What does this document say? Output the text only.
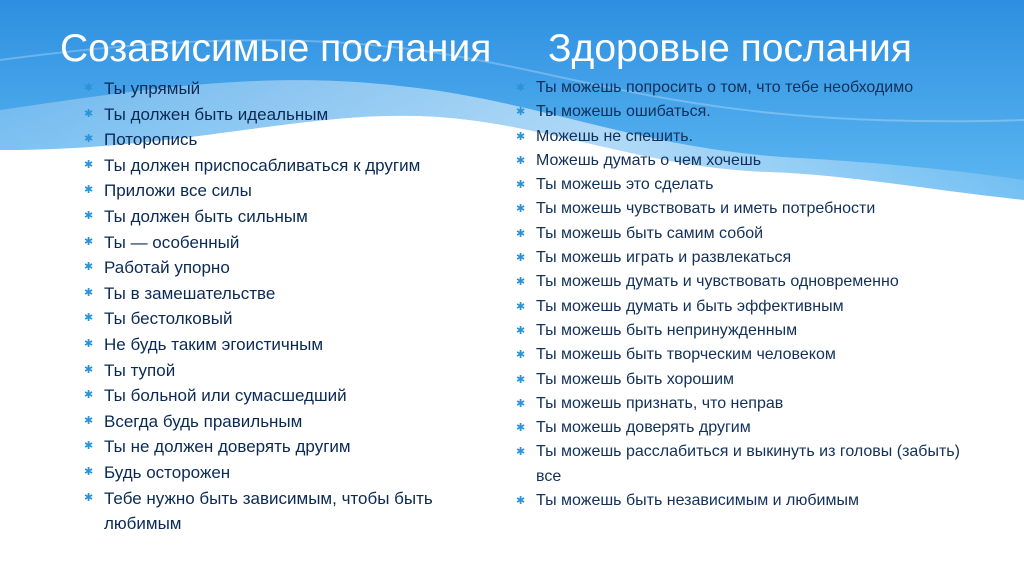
Созависимые послания Здоровые послания
✱ Ты упрямый
✱ Ты должен быть идеальным
✱ Поторопись
✱ Ты должен приспосабливаться к другим
✱ Приложи все силы
✱ Ты должен быть сильным
✱ Ты — особенный
✱ Работай упорно
✱ Ты в замешательстве
✱ Ты бестолковый
✱ Не будь таким эгоистичным
✱ Ты тупой
✱ Ты больной или сумасшедший
✱ Всегда будь правильным
✱ Ты не должен доверять другим
✱ Будь осторожен
✱ Тебе нужно быть зависимым, чтобы быть любимым
✱ Ты можешь попросить о том, что тебе необходимо
✱ Ты можешь ошибаться.
✱ Можешь не спешить.
✱ Можешь думать о чем хочешь
✱ Ты можешь это сделать
✱ Ты можешь чувствовать и иметь потребности
✱ Ты можешь быть самим собой
✱ Ты можешь играть и развлекаться
✱ Ты можешь думать и чувствовать одновременно
✱ Ты можешь думать и быть эффективным
✱ Ты можешь быть непринужденным
✱ Ты можешь быть творческим человеком
✱ Ты можешь быть хорошим
✱ Ты можешь признать, что неправ
✱ Ты можешь доверять другим
✱ Ты можешь расслабиться и выкинуть из головы (забыть) все
✱ Ты можешь быть независимым и любимым
